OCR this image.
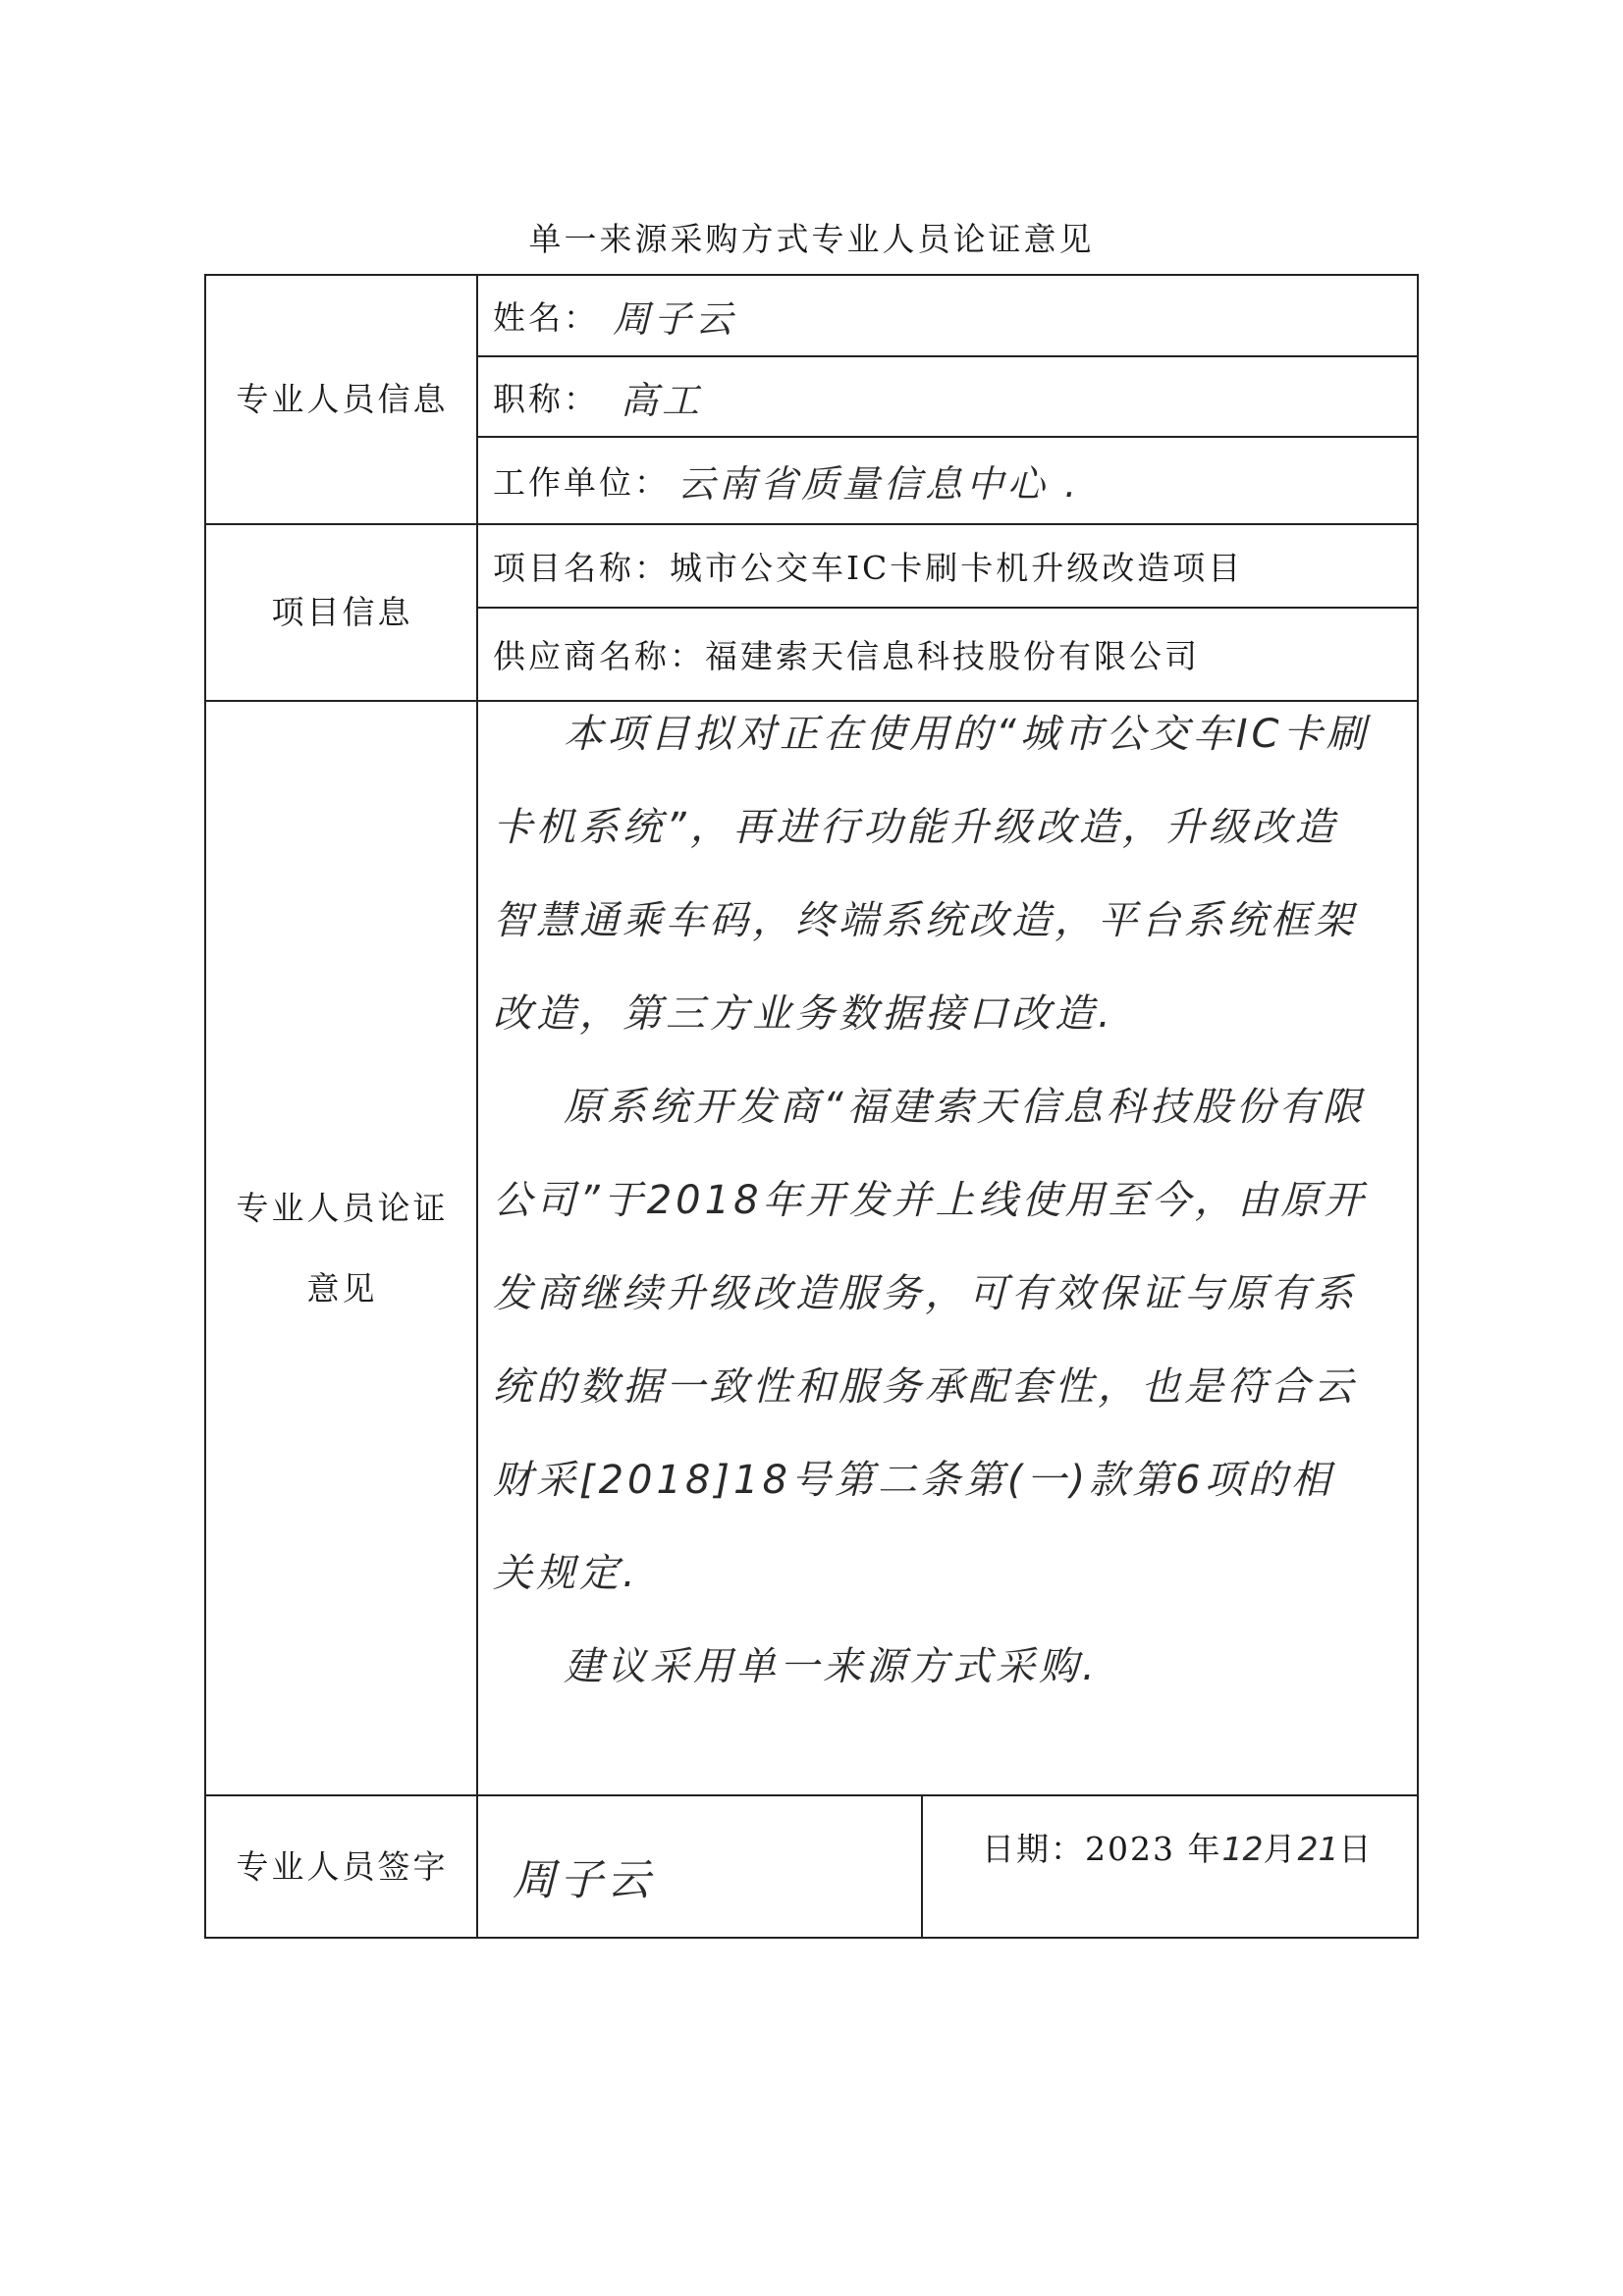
单一来源采购方式专业人员论证意见
专业人员信息
姓名： 周子云
职称： 高工
工作单位： 云南省质量信息中心 .
项目信息
项目名称： 城市公交车IC卡刷卡机升级改造项目
供应商名称： 福建索天信息科技股份有限公司
专业人员论证
意见

本项目拟对正在使用的“城市公交车IC卡刷卡机系统”，再进行功能升级改造，升级改造智慧通乘车码，终端系统改造，平台系统框架改造，第三方业务数据接口改造.

原系统开发商“福建索天信息科技股份有限公司”于2018年开发并上线使用至今，由原开发商继续升级改造服务，可有效保证与原有系统的数据一致性和服务承配套性，也是符合云财采[2018]18号第二条第(一)款第6项的相关规定.

建议采用单一来源方式采购.

专业人员签字 周子云
日期：2023 年12月21日
